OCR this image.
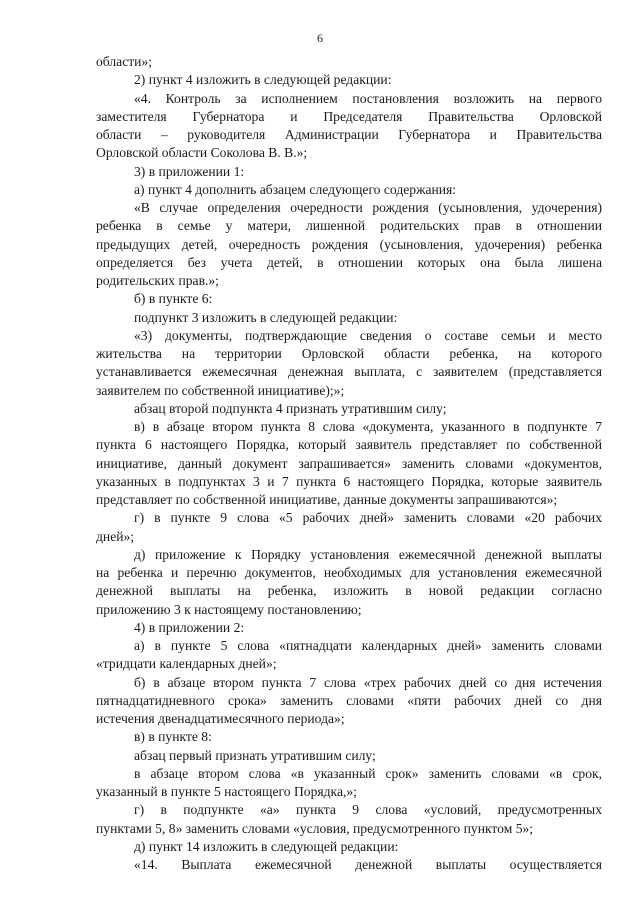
6
области»;
2) пункт 4 изложить в следующей редакции:
«4. Контроль за исполнением постановления возложить на первого
заместителя Губернатора и Председателя Правительства Орловской
области – руководителя Администрации Губернатора и Правительства
Орловской области Соколова В. В.»;
3) в приложении 1:
а) пункт 4 дополнить абзацем следующего содержания:
«В случае определения очередности рождения (усыновления, удочерения)
ребенка в семье у матери, лишенной родительских прав в отношении
предыдущих детей, очередность рождения (усыновления, удочерения) ребенка
определяется без учета детей, в отношении которых она была лишена
родительских прав.»;
б) в пункте 6:
подпункт 3 изложить в следующей редакции:
«3) документы, подтверждающие сведения о составе семьи и место
жительства на территории Орловской области ребенка, на которого
устанавливается ежемесячная денежная выплата, с заявителем (представляется
заявителем по собственной инициативе);»;
абзац второй подпункта 4 признать утратившим силу;
в) в абзаце втором пункта 8 слова «документа, указанного в подпункте 7
пункта 6 настоящего Порядка, который заявитель представляет по собственной
инициативе, данный документ запрашивается» заменить словами «документов,
указанных в подпунктах 3 и 7 пункта 6 настоящего Порядка, которые заявитель
представляет по собственной инициативе, данные документы запрашиваются»;
г) в пункте 9 слова «5 рабочих дней» заменить словами «20 рабочих
дней»;
д) приложение к Порядку установления ежемесячной денежной выплаты
на ребенка и перечню документов, необходимых для установления ежемесячной
денежной выплаты на ребенка, изложить в новой редакции согласно
приложению 3 к настоящему постановлению;
4) в приложении 2:
а) в пункте 5 слова «пятнадцати календарных дней» заменить словами
«тридцати календарных дней»;
б) в абзаце втором пункта 7 слова «трех рабочих дней со дня истечения
пятнадцатидневного срока» заменить словами «пяти рабочих дней со дня
истечения двенадцатимесячного периода»;
в) в пункте 8:
абзац первый признать утратившим силу;
в абзаце втором слова «в указанный срок» заменить словами «в срок,
указанный в пункте 5 настоящего Порядка,»;
г) в подпункте «а» пункта 9 слова «условий, предусмотренных
пунктами 5, 8» заменить словами «условия, предусмотренного пунктом 5»;
д) пункт 14 изложить в следующей редакции:
«14. Выплата ежемесячной денежной выплаты осуществляется
